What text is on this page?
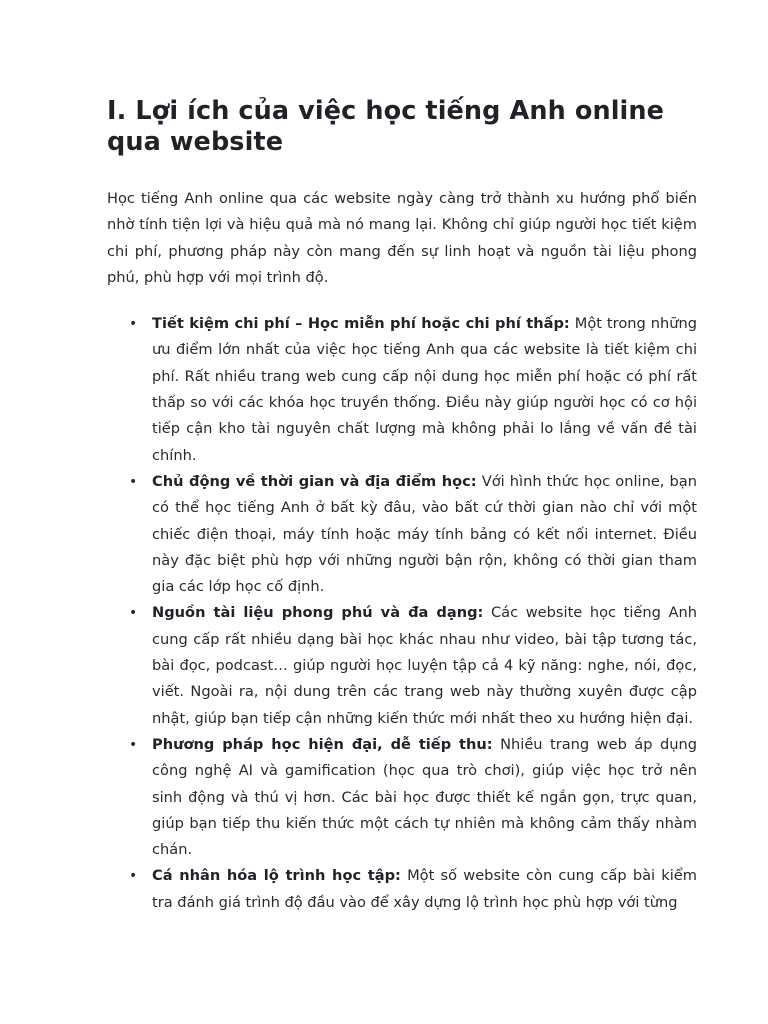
I. Lợi ích của việc học tiếng Anh online qua website

Học tiếng Anh online qua các website ngày càng trở thành xu hướng phổ biến nhờ tính tiện lợi và hiệu quả mà nó mang lại. Không chỉ giúp người học tiết kiệm chi phí, phương pháp này còn mang đến sự linh hoạt và nguồn tài liệu phong phú, phù hợp với mọi trình độ.

• Tiết kiệm chi phí – Học miễn phí hoặc chi phí thấp: Một trong những ưu điểm lớn nhất của việc học tiếng Anh qua các website là tiết kiệm chi phí. Rất nhiều trang web cung cấp nội dung học miễn phí hoặc có phí rất thấp so với các khóa học truyền thống. Điều này giúp người học có cơ hội tiếp cận kho tài nguyên chất lượng mà không phải lo lắng về vấn đề tài chính.
• Chủ động về thời gian và địa điểm học: Với hình thức học online, bạn có thể học tiếng Anh ở bất kỳ đâu, vào bất cứ thời gian nào chỉ với một chiếc điện thoại, máy tính hoặc máy tính bảng có kết nối internet. Điều này đặc biệt phù hợp với những người bận rộn, không có thời gian tham gia các lớp học cố định.
• Nguồn tài liệu phong phú và đa dạng: Các website học tiếng Anh cung cấp rất nhiều dạng bài học khác nhau như video, bài tập tương tác, bài đọc, podcast… giúp người học luyện tập cả 4 kỹ năng: nghe, nói, đọc, viết. Ngoài ra, nội dung trên các trang web này thường xuyên được cập nhật, giúp bạn tiếp cận những kiến thức mới nhất theo xu hướng hiện đại.
• Phương pháp học hiện đại, dễ tiếp thu: Nhiều trang web áp dụng công nghệ AI và gamification (học qua trò chơi), giúp việc học trở nên sinh động và thú vị hơn. Các bài học được thiết kế ngắn gọn, trực quan, giúp bạn tiếp thu kiến thức một cách tự nhiên mà không cảm thấy nhàm chán.
• Cá nhân hóa lộ trình học tập: Một số website còn cung cấp bài kiểm tra đánh giá trình độ đầu vào để xây dựng lộ trình học phù hợp với từng
